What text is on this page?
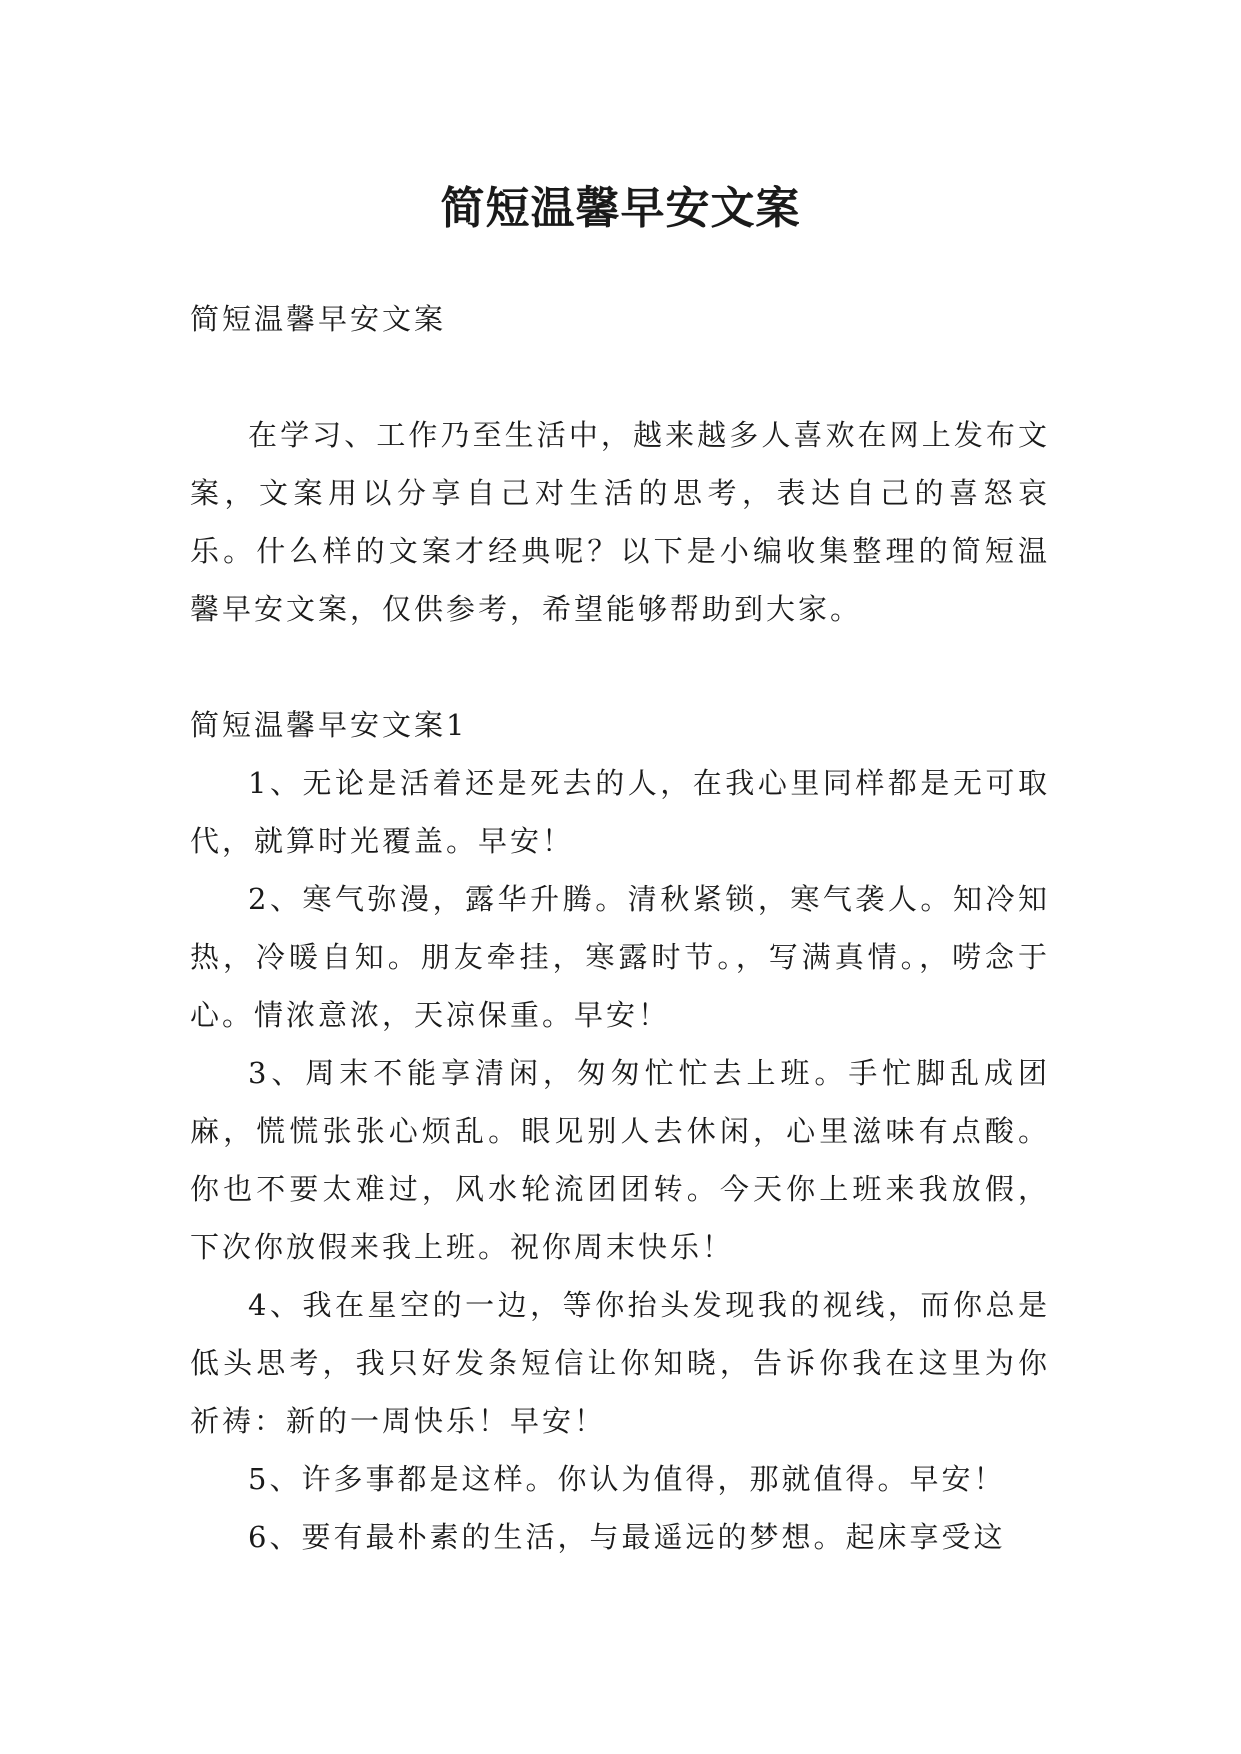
简短温馨早安文案

简短温馨早安文案

在学习、工作乃至生活中，越来越多人喜欢在网上发布文案，文案用以分享自己对生活的思考，表达自己的喜怒哀乐。什么样的文案才经典呢？以下是小编收集整理的简短温馨早安文案，仅供参考，希望能够帮助到大家。

简短温馨早安文案1

1、无论是活着还是死去的人，在我心里同样都是无可取代，就算时光覆盖。早安！

2、寒气弥漫，露华升腾。清秋紧锁，寒气袭人。知冷知热，冷暖自知。朋友牵挂，寒露时节。，写满真情。，唠念于心。情浓意浓，天凉保重。早安！

3、周末不能享清闲，匆匆忙忙去上班。手忙脚乱成团麻，慌慌张张心烦乱。眼见别人去休闲，心里滋味有点酸。你也不要太难过，风水轮流团团转。今天你上班来我放假，下次你放假来我上班。祝你周末快乐！

4、我在星空的一边，等你抬头发现我的视线，而你总是低头思考，我只好发条短信让你知晓，告诉你我在这里为你祈祷：新的一周快乐！早安！

5、许多事都是这样。你认为值得，那就值得。早安！

6、要有最朴素的生活，与最遥远的梦想。起床享受这
